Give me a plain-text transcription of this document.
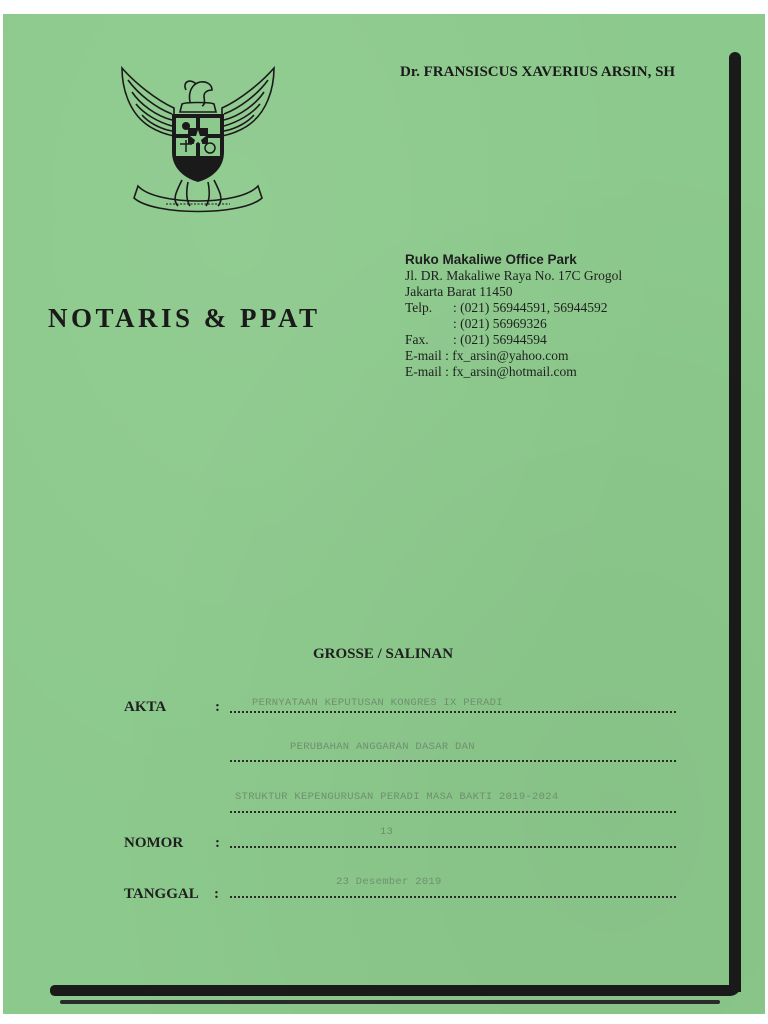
Dr. FRANSISCUS XAVERIUS ARSIN, SH
NOTARIS & PPAT
Ruko Makaliwe Office Park
Jl. DR. Makaliwe Raya No. 17C Grogol
Jakarta Barat 11450
Telp. : (021) 56944591, 56944592
: (021) 56969326
Fax. : (021) 56944594
E-mail : fx_arsin@yahoo.com
E-mail : fx_arsin@hotmail.com
GROSSE / SALINAN
AKTA	:	PERNYATAAN KEPUTUSAN KONGRES IX PERADI
PERUBAHAN ANGGARAN DASAR DAN
STRUKTUR KEPENGURUSAN PERADI MASA BAKTI 2019-2024
13
NOMOR :
23 Desember 2019
TANGGAL :
